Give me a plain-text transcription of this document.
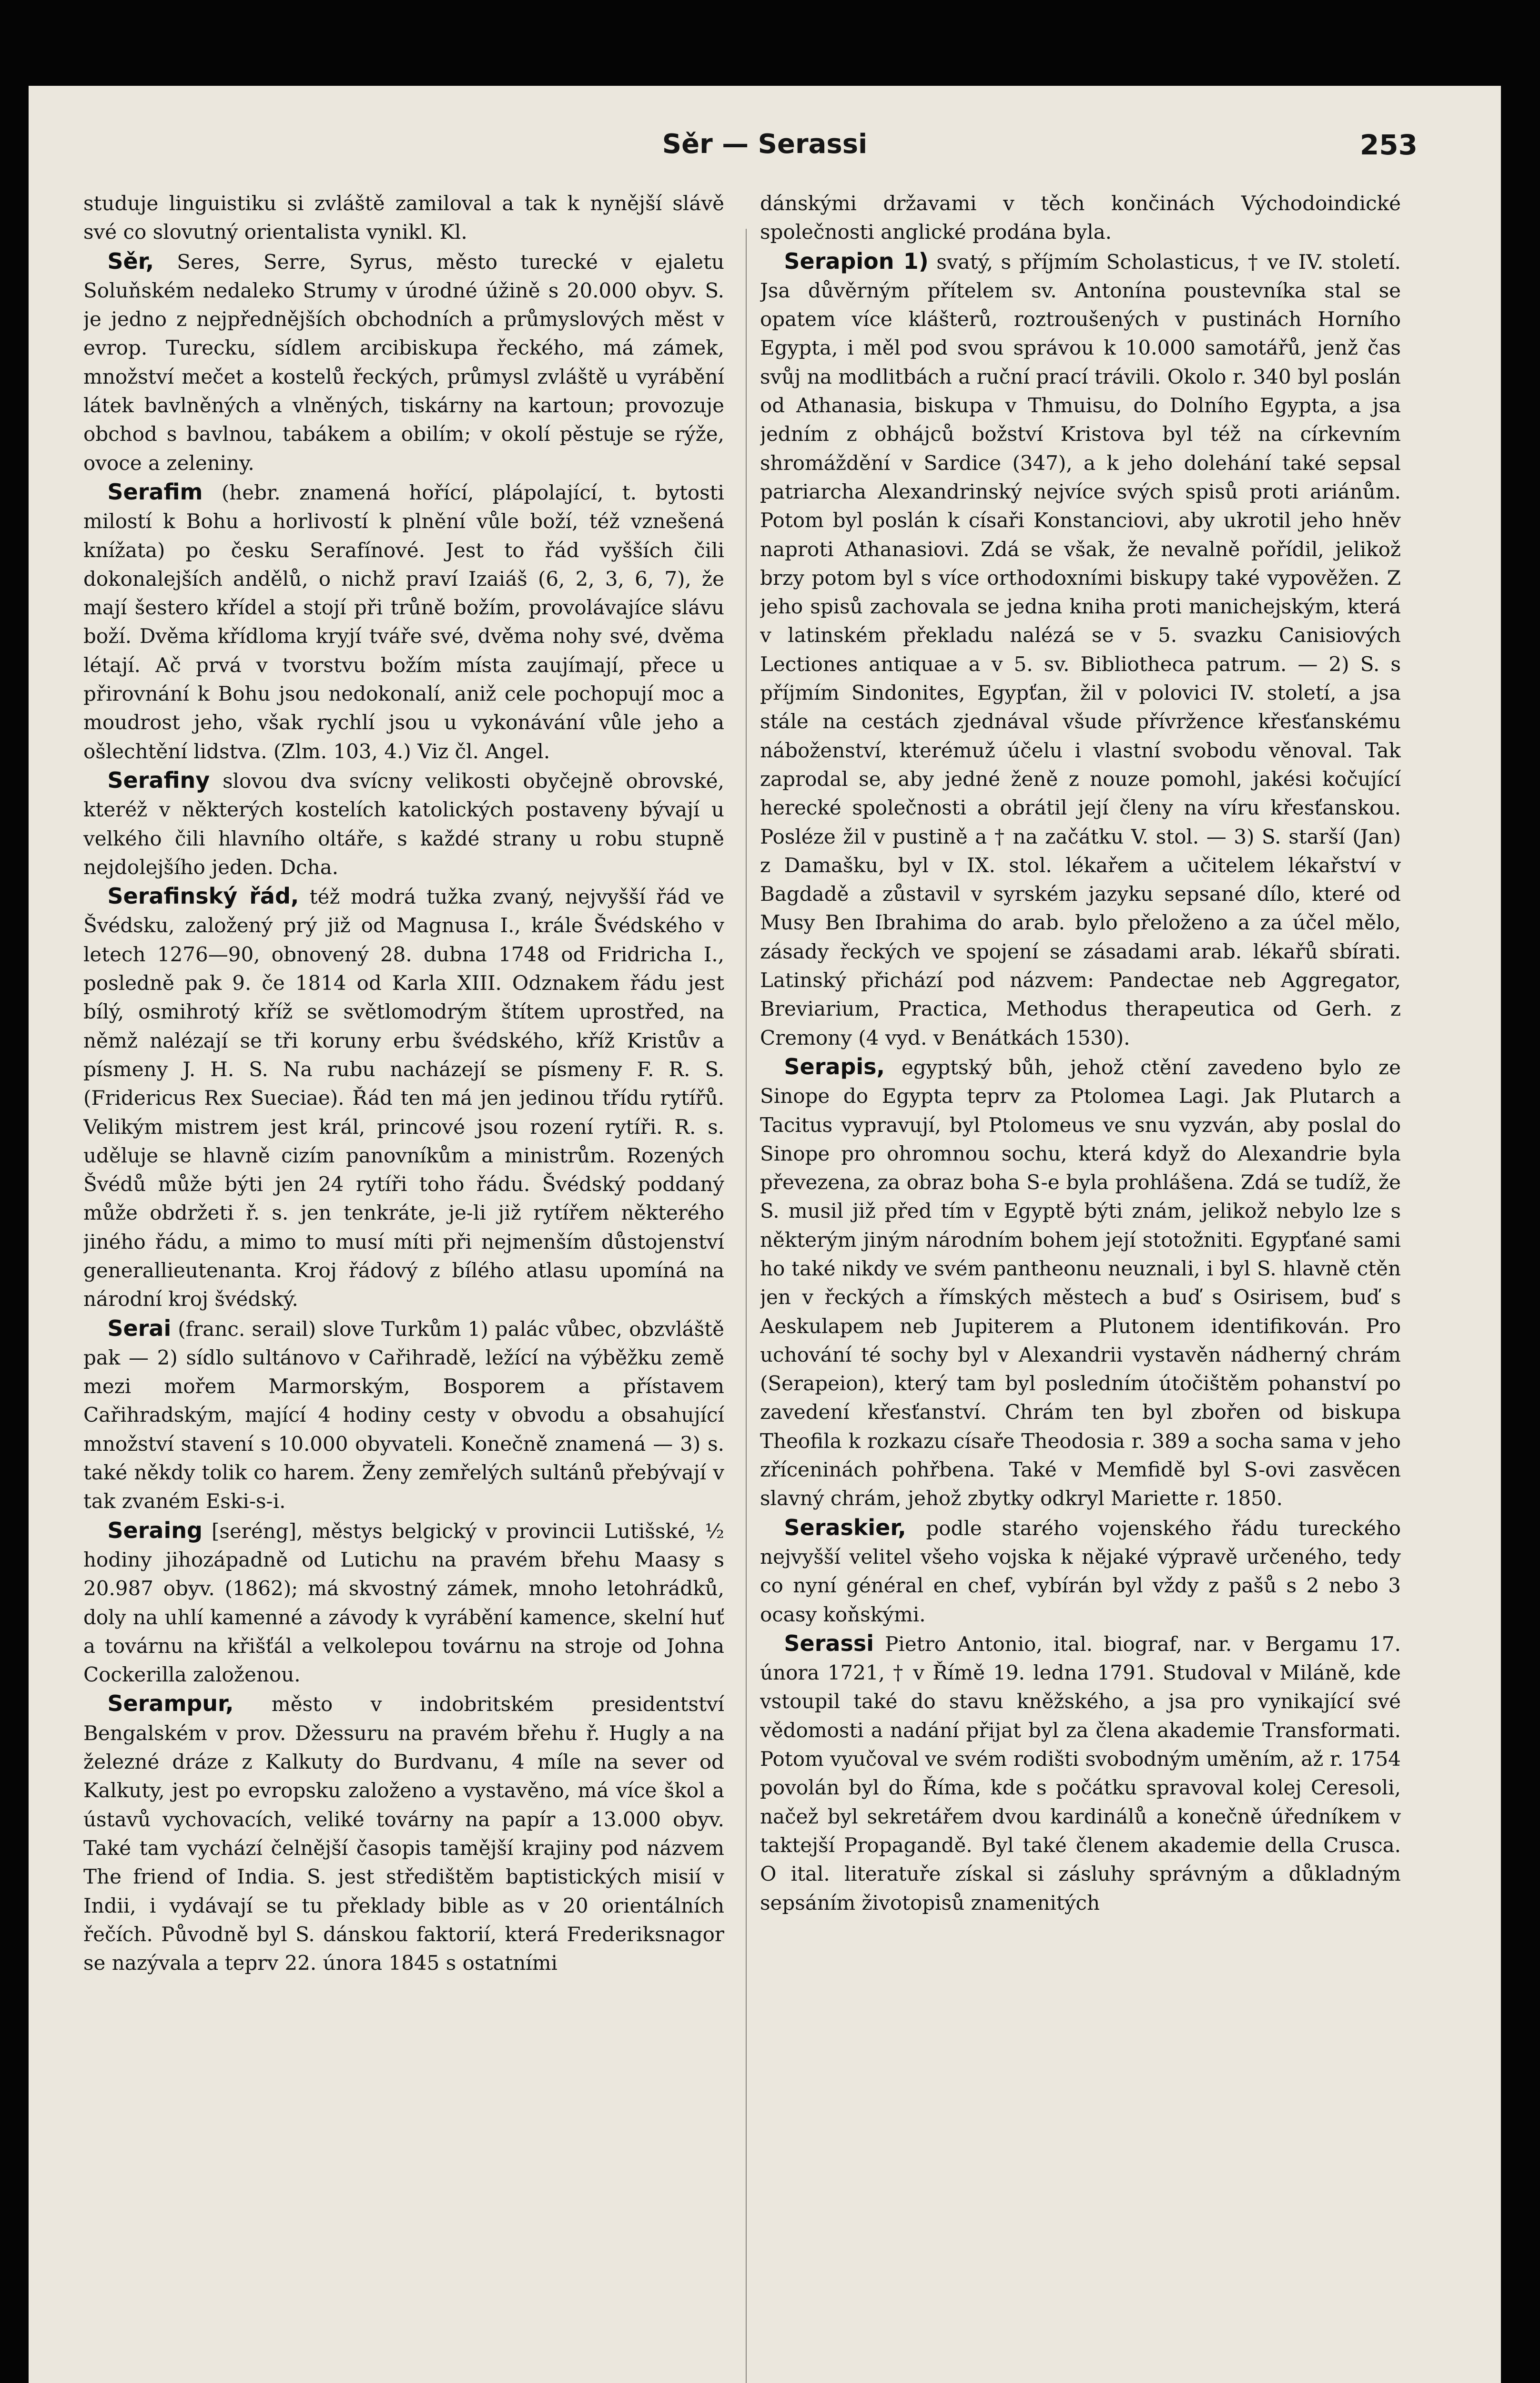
Sěr — Serassi	253

studuje linguistiku si zvláště zamiloval a tak k nynější slávě své co slovutný orientalista vynikl. Kl.

Sěr, Seres, Serre, Syrus, město turecké v ejaletu Soluňském nedaleko Strumy v úrodné úžině s 20.000 obyv. S. je jedno z nejpřednějších obchodních a průmyslových měst v evrop. Turecku, sídlem arcibiskupa řeckého, má zámek, množství mečet a kostelů řeckých, průmysl zvláště u vyrábění látek bavlněných a vlněných, tiskárny na kartoun; provozuje obchod s bavlnou, tabákem a obilím; v okolí pěstuje se rýže, ovoce a zeleniny.

Serafim (hebr. znamená hořící, plápolající, t. bytosti milostí k Bohu a horlivostí k plnění vůle boží, též vznešená knížata) po česku Serafínové. Jest to řád vyšších čili dokonalejších andělů, o nichž praví Izaiáš (6, 2, 3, 6, 7), že mají šestero křídel a stojí při trůně božím, provolávajíce slávu boží. Dvěma křídloma kryjí tváře své, dvěma nohy své, dvěma létají. Ač prvá v tvorstvu božím místa zaujímají, přece u přirovnání k Bohu jsou nedokonalí, aniž cele pochopují moc a moudrost jeho, však rychlí jsou u vykonávání vůle jeho a ošlechtění lidstva. (Zlm. 103, 4.) Viz čl. Angel.

Serafiny slovou dva svícny velikosti obyčejně obrovské, kteréž v některých kostelích katolických postaveny bývají u velkého čili hlavního oltáře, s každé strany u robu stupně nejdolejšího jeden. Dcha.

Serafinský řád, též modrá tužka zvaný, nejvyšší řád ve Švédsku, založený prý již od Magnusa I., krále Švédského v letech 1276—90, obnovený 28. dubna 1748 od Fridricha I., posledně pak 9. če 1814 od Karla XIII. Odznakem řádu jest bílý, osmihrotý kříž se světlomodrým štítem uprostřed, na němž nalézají se tři koruny erbu švédského, kříž Kristův a písmeny J. H. S. Na rubu nacházejí se písmeny F. R. S. (Fridericus Rex Sueciae). Řád ten má jen jedinou třídu rytířů. Velikým mistrem jest král, princové jsou rození rytíři. R. s. uděluje se hlavně cizím panovníkům a ministrům. Rozených Švédů může býti jen 24 rytíři toho řádu. Švédský poddaný může obdržeti ř. s. jen tenkráte, je-li již rytířem některého jiného řádu, a mimo to musí míti při nejmenším důstojenství generallieutenanta. Kroj řádový z bílého atlasu upomíná na národní kroj švédský.

Serai (franc. serail) slove Turkům 1) palác vůbec, obzvláště pak — 2) sídlo sultánovo v Cařihradě, ležící na výběžku země mezi mořem Marmorským, Bosporem a přístavem Cařihradským, mající 4 hodiny cesty v obvodu a obsahující množství stavení s 10.000 obyvateli. Konečně znamená — 3) s. také někdy tolik co harem. Ženy zemřelých sultánů přebývají v tak zvaném Eski-s-i.

Seraing [seréng], městys belgický v provincii Lutišské, ½ hodiny jihozápadně od Lutichu na pravém břehu Maasy s 20.987 obyv. (1862); má skvostný zámek, mnoho letohrádků, doly na uhlí kamenné a závody k vyrábění kamence, skelní huť a továrnu na křišťál a velkolepou továrnu na stroje od Johna Cockerilla založenou.

Serampur, město v indobritském presidentství Bengalském v prov. Džessuru na pravém břehu ř. Hugly a na železné dráze z Kalkuty do Burdvanu, 4 míle na sever od Kalkuty, jest po evropsku založeno a vystavěno, má více škol a ústavů vychovacích, veliké továrny na papír a 13.000 obyv. Také tam vychází čelnější časopis tamější krajiny pod názvem The friend of India. S. jest středištěm baptistických misií v Indii, i vydávají se tu překlady bible as v 20 orientálních řečích. Původně byl S. dánskou faktorií, která Frederiksnagor se nazývala a teprv 22. února 1845 s ostatními

dánskými državami v těch končinách Východoindické společnosti anglické prodána byla.

Serapion 1) svatý, s příjmím Scholasticus, † ve IV. století. Jsa důvěrným přítelem sv. Antonína poustevníka stal se opatem více klášterů, roztroušených v pustinách Horního Egypta, i měl pod svou správou k 10.000 samotářů, jenž čas svůj na modlitbách a ruční prací trávili. Okolo r. 340 byl poslán od Athanasia, biskupa v Thmuisu, do Dolního Egypta, a jsa jedním z obhájců božství Kristova byl též na církevním shromáždění v Sardice (347), a k jeho dolehání také sepsal patriarcha Alexandrinský nejvíce svých spisů proti ariánům. Potom byl poslán k císaři Konstanciovi, aby ukrotil jeho hněv naproti Athanasiovi. Zdá se však, že nevalně pořídil, jelikož brzy potom byl s více orthodoxními biskupy také vypověžen. Z jeho spisů zachovala se jedna kniha proti manichejským, která v latinském překladu nalézá se v 5. svazku Canisiových Lectiones antiquae a v 5. sv. Bibliotheca patrum. — 2) S. s příjmím Sindonites, Egypťan, žil v polovici IV. století, a jsa stále na cestách zjednával všude přívržence křesťanskému náboženství, kterémuž účelu i vlastní svobodu věnoval. Tak zaprodal se, aby jedné ženě z nouze pomohl, jakési kočující herecké společnosti a obrátil její členy na víru křesťanskou. Posléze žil v pustině a † na začátku V. stol. — 3) S. starší (Jan) z Damašku, byl v IX. stol. lékařem a učitelem lékařství v Bagdadě a zůstavil v syrském jazyku sepsané dílo, které od Musy Ben Ibrahima do arab. bylo přeloženo a za účel mělo, zásady řeckých ve spojení se zásadami arab. lékařů sbírati. Latinský přichází pod názvem: Pandectae neb Aggregator, Breviarium, Practica, Methodus therapeutica od Gerh. z Cremony (4 vyd. v Benátkách 1530).

Serapis, egyptský bůh, jehož ctění zavedeno bylo ze Sinope do Egypta teprv za Ptolomea Lagi. Jak Plutarch a Tacitus vypravují, byl Ptolomeus ve snu vyzván, aby poslal do Sinope pro ohromnou sochu, která když do Alexandrie byla převezena, za obraz boha S-e byla prohlášena. Zdá se tudíž, že S. musil již před tím v Egyptě býti znám, jelikož nebylo lze s některým jiným národním bohem její stotožniti. Egypťané sami ho také nikdy ve svém pantheonu neuznali, i byl S. hlavně ctěn jen v řeckých a římských městech a buď s Osirisem, buď s Aeskulapem neb Jupiterem a Plutonem identifikován. Pro uchování té sochy byl v Alexandrii vystavěn nádherný chrám (Serapeion), který tam byl posledním útočištěm pohanství po zavedení křesťanství. Chrám ten byl zbořen od biskupa Theofila k rozkazu císaře Theodosia r. 389 a socha sama v jeho zříceninách pohřbena. Také v Memfidě byl S-ovi zasvěcen slavný chrám, jehož zbytky odkryl Mariette r. 1850.

Seraskier, podle starého vojenského řádu tureckého nejvyšší velitel všeho vojska k nějaké výpravě určeného, tedy co nyní général en chef, vybírán byl vždy z pašů s 2 nebo 3 ocasy koňskými.

Serassi Pietro Antonio, ital. biograf, nar. v Bergamu 17. února 1721, † v Římě 19. ledna 1791. Studoval v Miláně, kde vstoupil také do stavu kněžského, a jsa pro vynikající své vědomosti a nadání přijat byl za člena akademie Transformati. Potom vyučoval ve svém rodišti svobodným uměním, až r. 1754 povolán byl do Říma, kde s počátku spravoval kolej Ceresoli, načež byl sekretářem dvou kardinálů a konečně úředníkem v taktejší Propagandě. Byl také členem akademie della Crusca. O ital. literatuře získal si zásluhy správným a důkladným sepsáním životopisů znamenitých
